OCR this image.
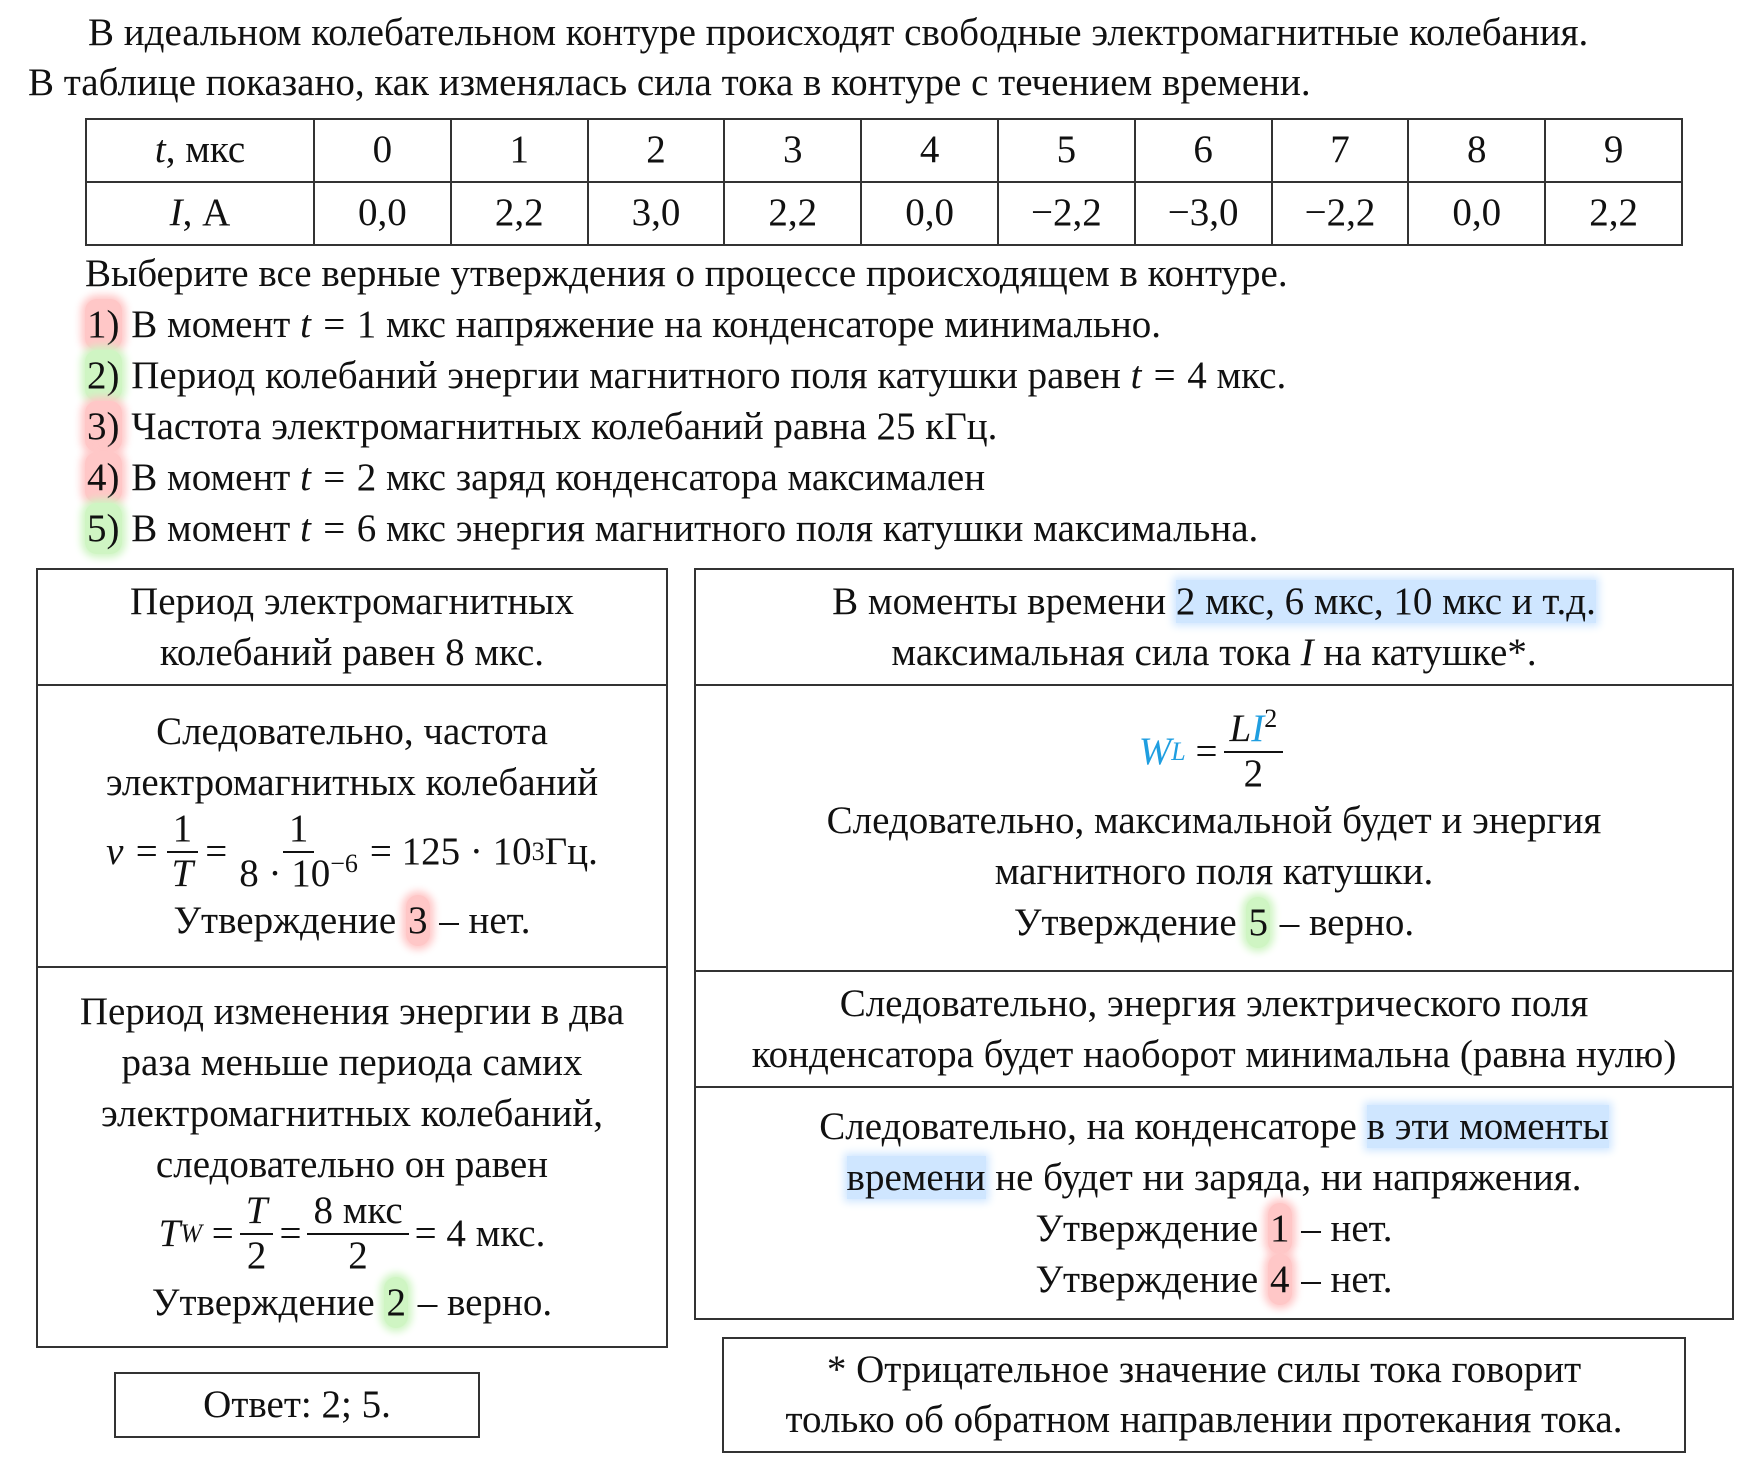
В идеальном колебательном контуре происходят свободные электромагнитные колебания.

В таблице показано, как изменялась сила тока в контуре с течением времени.

t, мкс	0	1	2	3	4	5	6	7	8	9
I, А	0,0	2,2	3,0	2,2	0,0	−2,2	−3,0	−2,2	0,0	2,2
Выберите все верные утверждения о процессе происходящем в контуре.
1) В момент t = 1 мкс напряжение на конденсаторе минимально.
2) Период колебаний энергии магнитного поля катушки равен t = 4 мкс.
3) Частота электромагнитных колебаний равна 25 кГц.
4) В момент t = 2 мкс заряд конденсатора максимален
5) В момент t = 6 мкс энергия магнитного поля катушки максимальна.
Период электромагнитных
колебаний равен 8 мкс.
Следовательно, частота
электромагнитных колебаний
$\nu = \frac{1}{T} = \frac{1}{8 \cdot 10^{-6}} = 125 \cdot 10$ 3 Гц.
Утверждение 3 – нет.
Период изменения энергии в два
раза меньше периода самих
электромагнитных колебаний,
следовательно он равен
T $W = \frac{T}{2} = \frac{\text{8 мкс}}{2} = 4$ мкс.
Утверждение 2 – верно.
В моменты времени 2 мкс, 6 мкс, 10 мкс и т.д.
максимальная сила тока I на катушке*.
W $L = \frac{LI^2}{2}$
Следовательно, максимальной будет и энергия
магнитного поля катушки.
Утверждение 5 – верно.
Следовательно, энергия электрического поля
конденсатора будет наоборот минимальна (равна нулю)
Следовательно, на конденсаторе в эти моменты
времени не будет ни заряда, ни напряжения.
Утверждение 1 – нет.
Утверждение 4 – нет.
Ответ: 2; 5.
* Отрицательное значение силы тока говорит
только об обратном направлении протекания тока.
